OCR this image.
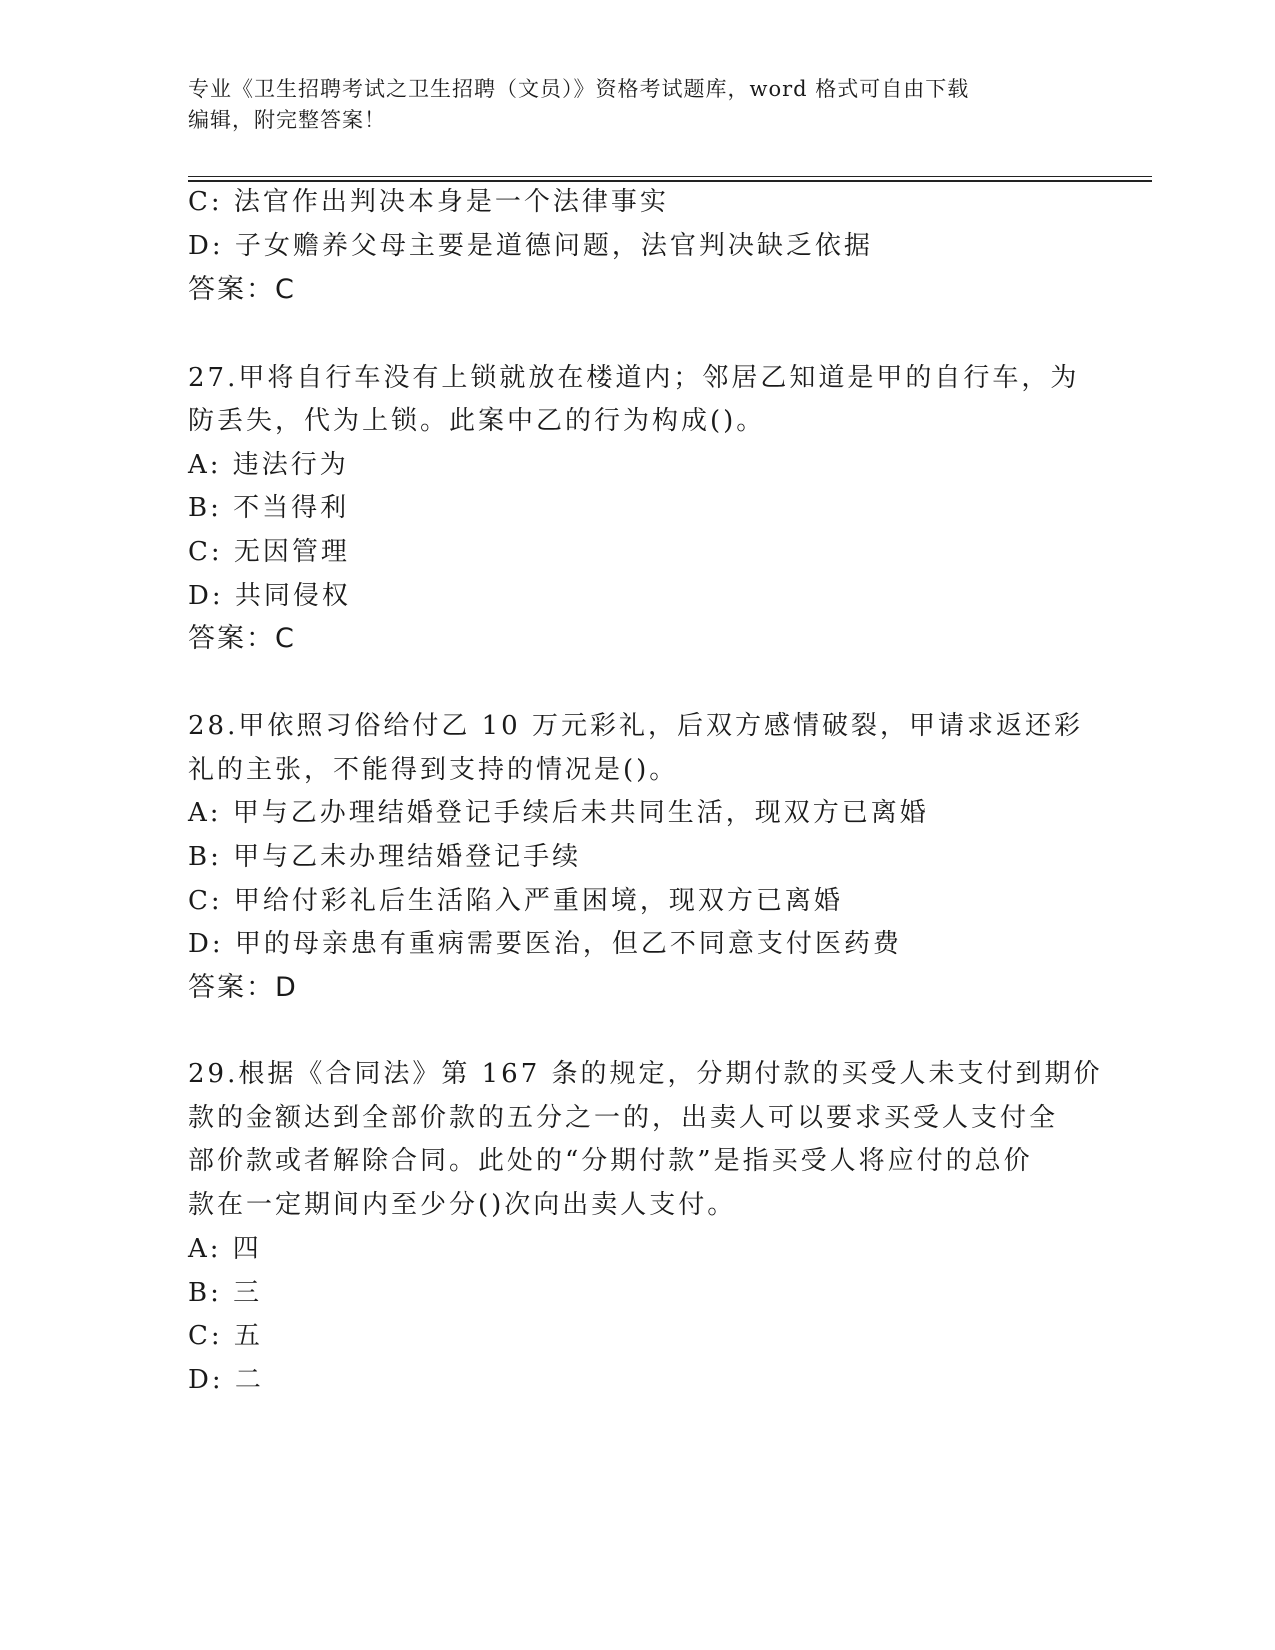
专业《卫生招聘考试之卫生招聘（文员）》资格考试题库，word 格式可自由下载
编辑，附完整答案！
C: 法官作出判决本身是一个法律事实
D: 子女赡养父母主要是道德问题，法官判决缺乏依据
答案：C
27.甲将自行车没有上锁就放在楼道内；邻居乙知道是甲的自行车，为
防丢失，代为上锁。此案中乙的行为构成()。
A: 违法行为
B: 不当得利
C: 无因管理
D: 共同侵权
答案：C
28.甲依照习俗给付乙 10 万元彩礼，后双方感情破裂，甲请求返还彩
礼的主张，不能得到支持的情况是()。
A: 甲与乙办理结婚登记手续后未共同生活，现双方已离婚
B: 甲与乙未办理结婚登记手续
C: 甲给付彩礼后生活陷入严重困境，现双方已离婚
D: 甲的母亲患有重病需要医治，但乙不同意支付医药费
答案：D
29.根据《合同法》第 167 条的规定，分期付款的买受人未支付到期价
款的金额达到全部价款的五分之一的，出卖人可以要求买受人支付全
部价款或者解除合同。此处的“分期付款”是指买受人将应付的总价
款在一定期间内至少分()次向出卖人支付。
A: 四
B: 三
C: 五
D: 二
